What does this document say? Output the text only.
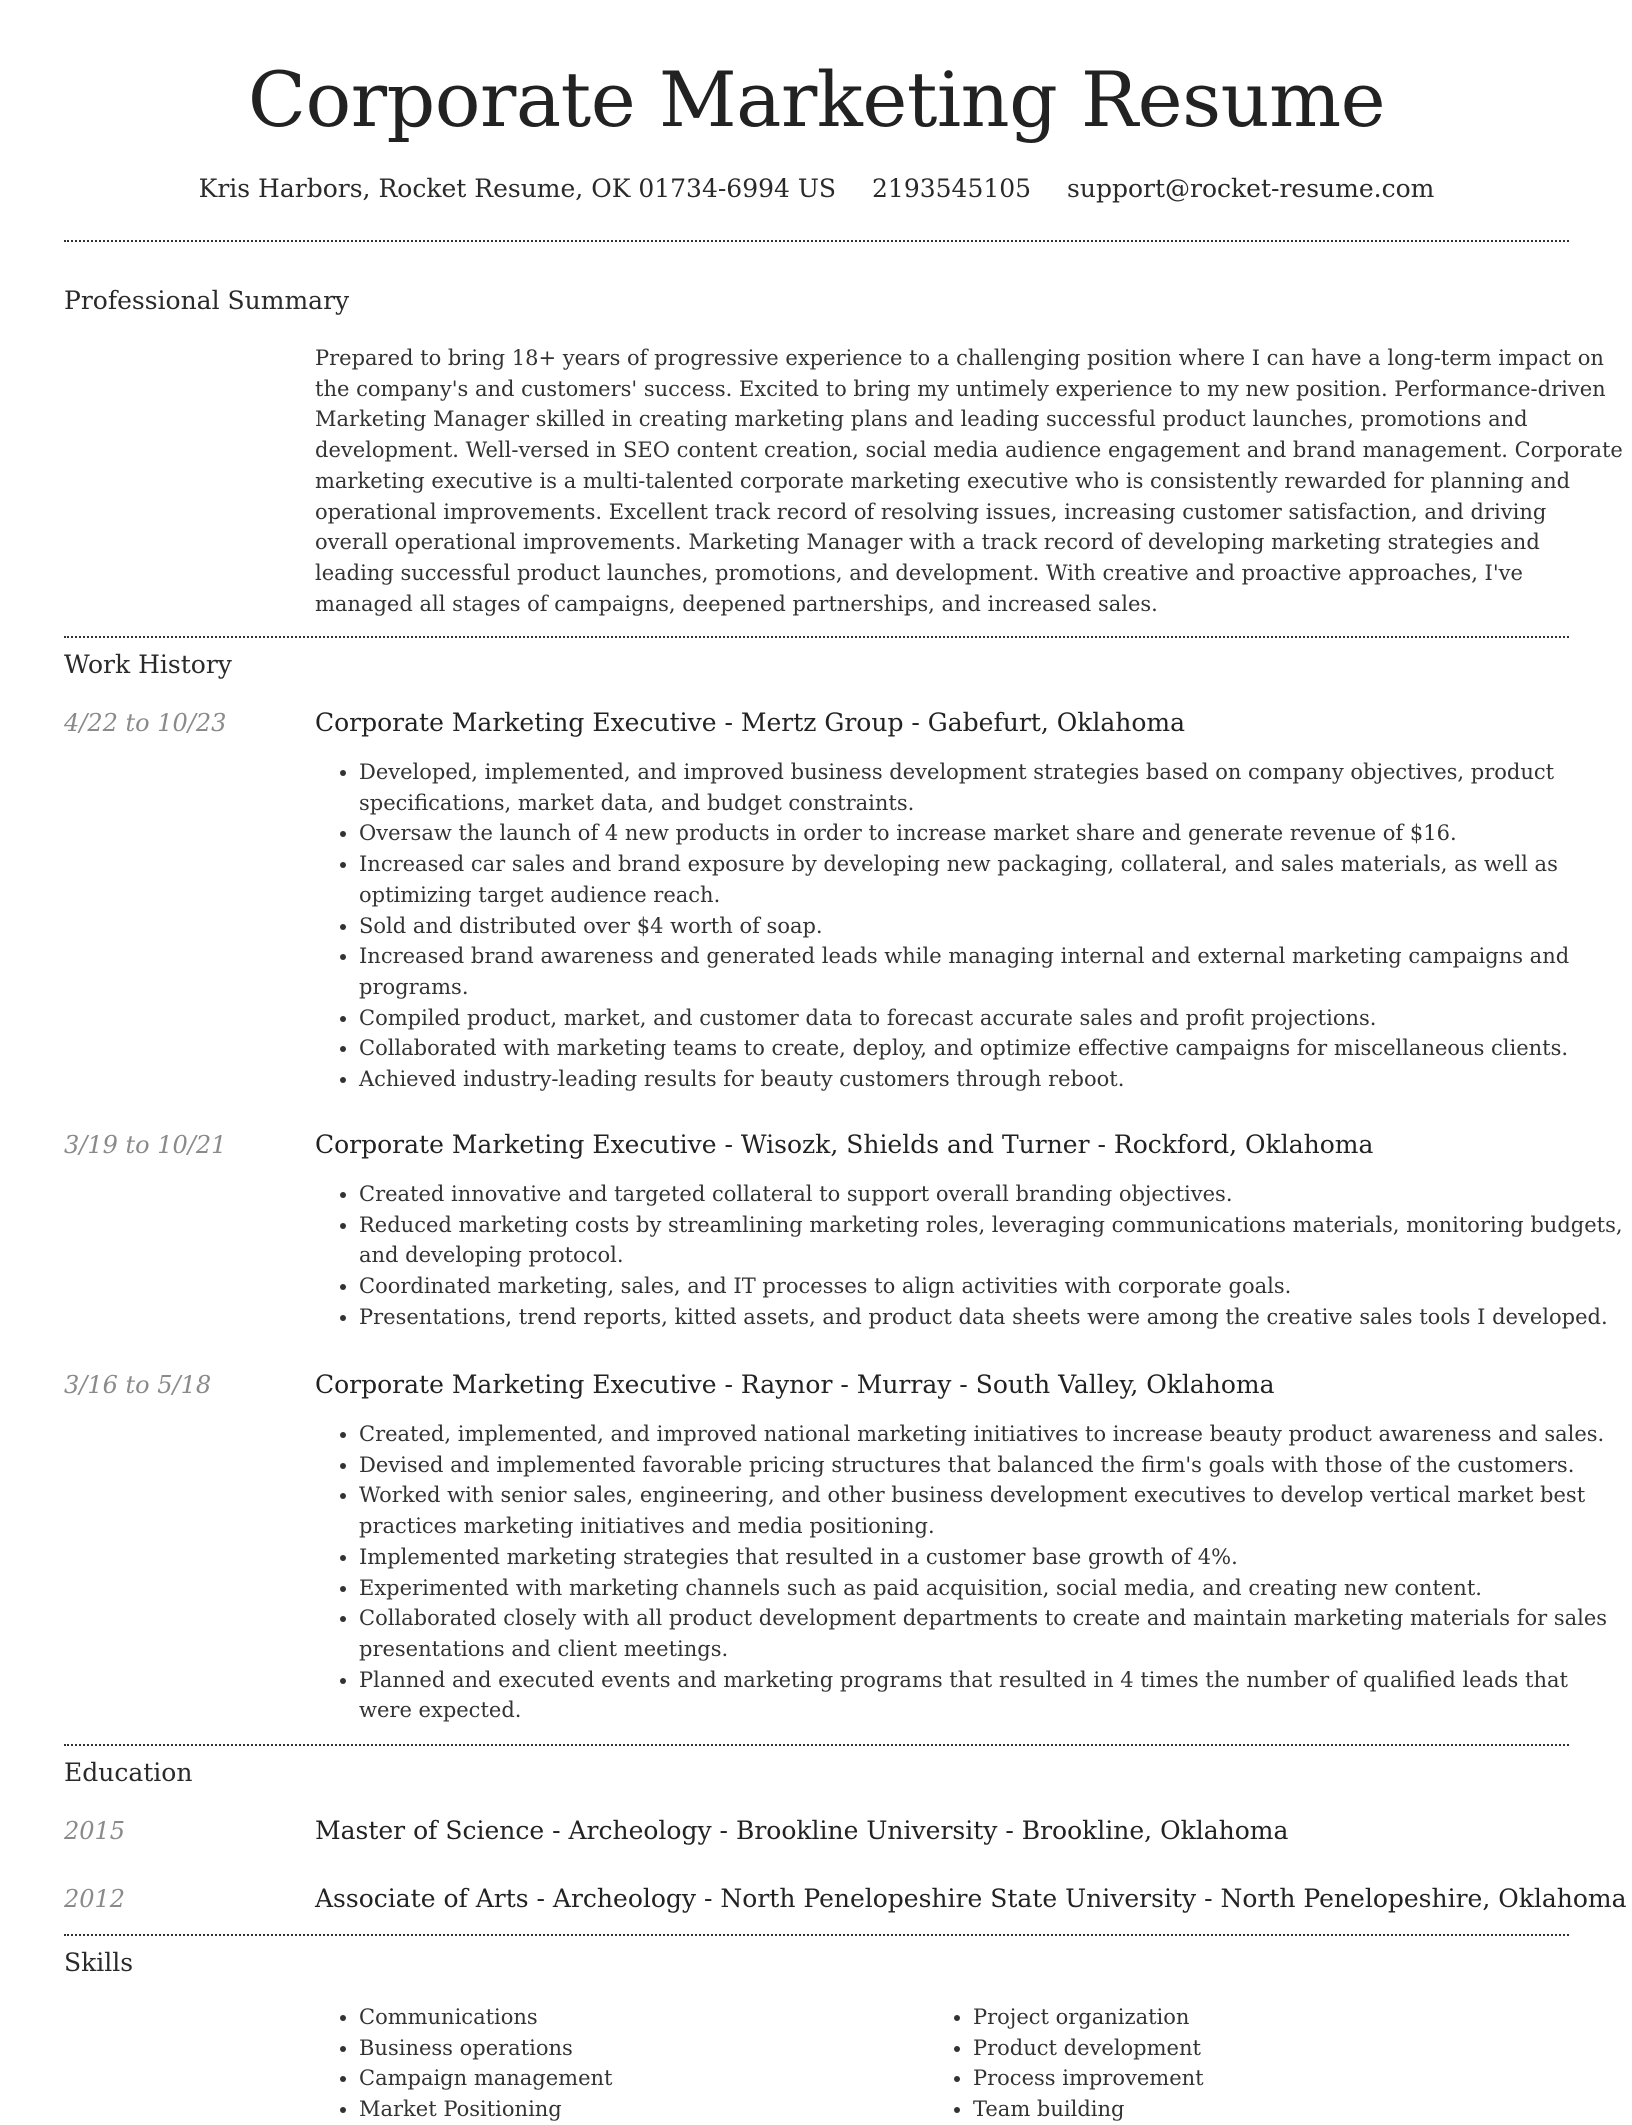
Corporate Marketing Resume
Kris Harbors, Rocket Resume, OK 01734-6994 US 2193545105 support@rocket-resume.com
Professional Summary
Prepared to bring 18+ years of progressive experience to a challenging position where I can have a long-term impact on the company's and customers' success. Excited to bring my untimely experience to my new position. Performance-driven Marketing Manager skilled in creating marketing plans and leading successful product launches, promotions and development. Well-versed in SEO content creation, social media audience engagement and brand management. Corporate marketing executive is a multi-talented corporate marketing executive who is consistently rewarded for planning and operational improvements. Excellent track record of resolving issues, increasing customer satisfaction, and driving overall operational improvements. Marketing Manager with a track record of developing marketing strategies and leading successful product launches, promotions, and development. With creative and proactive approaches, I've managed all stages of campaigns, deepened partnerships, and increased sales.
Work History
4/22 to 10/23	Corporate Marketing Executive - Mertz Group - Gabefurt, Oklahoma
• Developed, implemented, and improved business development strategies based on company objectives, product specifications, market data, and budget constraints.
• Oversaw the launch of 4 new products in order to increase market share and generate revenue of $16.
• Increased car sales and brand exposure by developing new packaging, collateral, and sales materials, as well as optimizing target audience reach.
• Sold and distributed over $4 worth of soap.
• Increased brand awareness and generated leads while managing internal and external marketing campaigns and programs.
• Compiled product, market, and customer data to forecast accurate sales and profit projections.
• Collaborated with marketing teams to create, deploy, and optimize effective campaigns for miscellaneous clients.
• Achieved industry-leading results for beauty customers through reboot.
3/19 to 10/21	Corporate Marketing Executive - Wisozk, Shields and Turner - Rockford, Oklahoma
• Created innovative and targeted collateral to support overall branding objectives.
• Reduced marketing costs by streamlining marketing roles, leveraging communications materials, monitoring budgets, and developing protocol.
• Coordinated marketing, sales, and IT processes to align activities with corporate goals.
• Presentations, trend reports, kitted assets, and product data sheets were among the creative sales tools I developed.
3/16 to 5/18	Corporate Marketing Executive - Raynor - Murray - South Valley, Oklahoma
• Created, implemented, and improved national marketing initiatives to increase beauty product awareness and sales.
• Devised and implemented favorable pricing structures that balanced the firm's goals with those of the customers.
• Worked with senior sales, engineering, and other business development executives to develop vertical market best practices marketing initiatives and media positioning.
• Implemented marketing strategies that resulted in a customer base growth of 4%.
• Experimented with marketing channels such as paid acquisition, social media, and creating new content.
• Collaborated closely with all product development departments to create and maintain marketing materials for sales presentations and client meetings.
• Planned and executed events and marketing programs that resulted in 4 times the number of qualified leads that were expected.
Education
2015	Master of Science - Archeology - Brookline University - Brookline, Oklahoma
2012	Associate of Arts - Archeology - North Penelopeshire State University - North Penelopeshire, Oklahoma
Skills
• Communications
• Business operations
• Campaign management
• Market Positioning
• Project organization
• Product development
• Process improvement
• Team building
